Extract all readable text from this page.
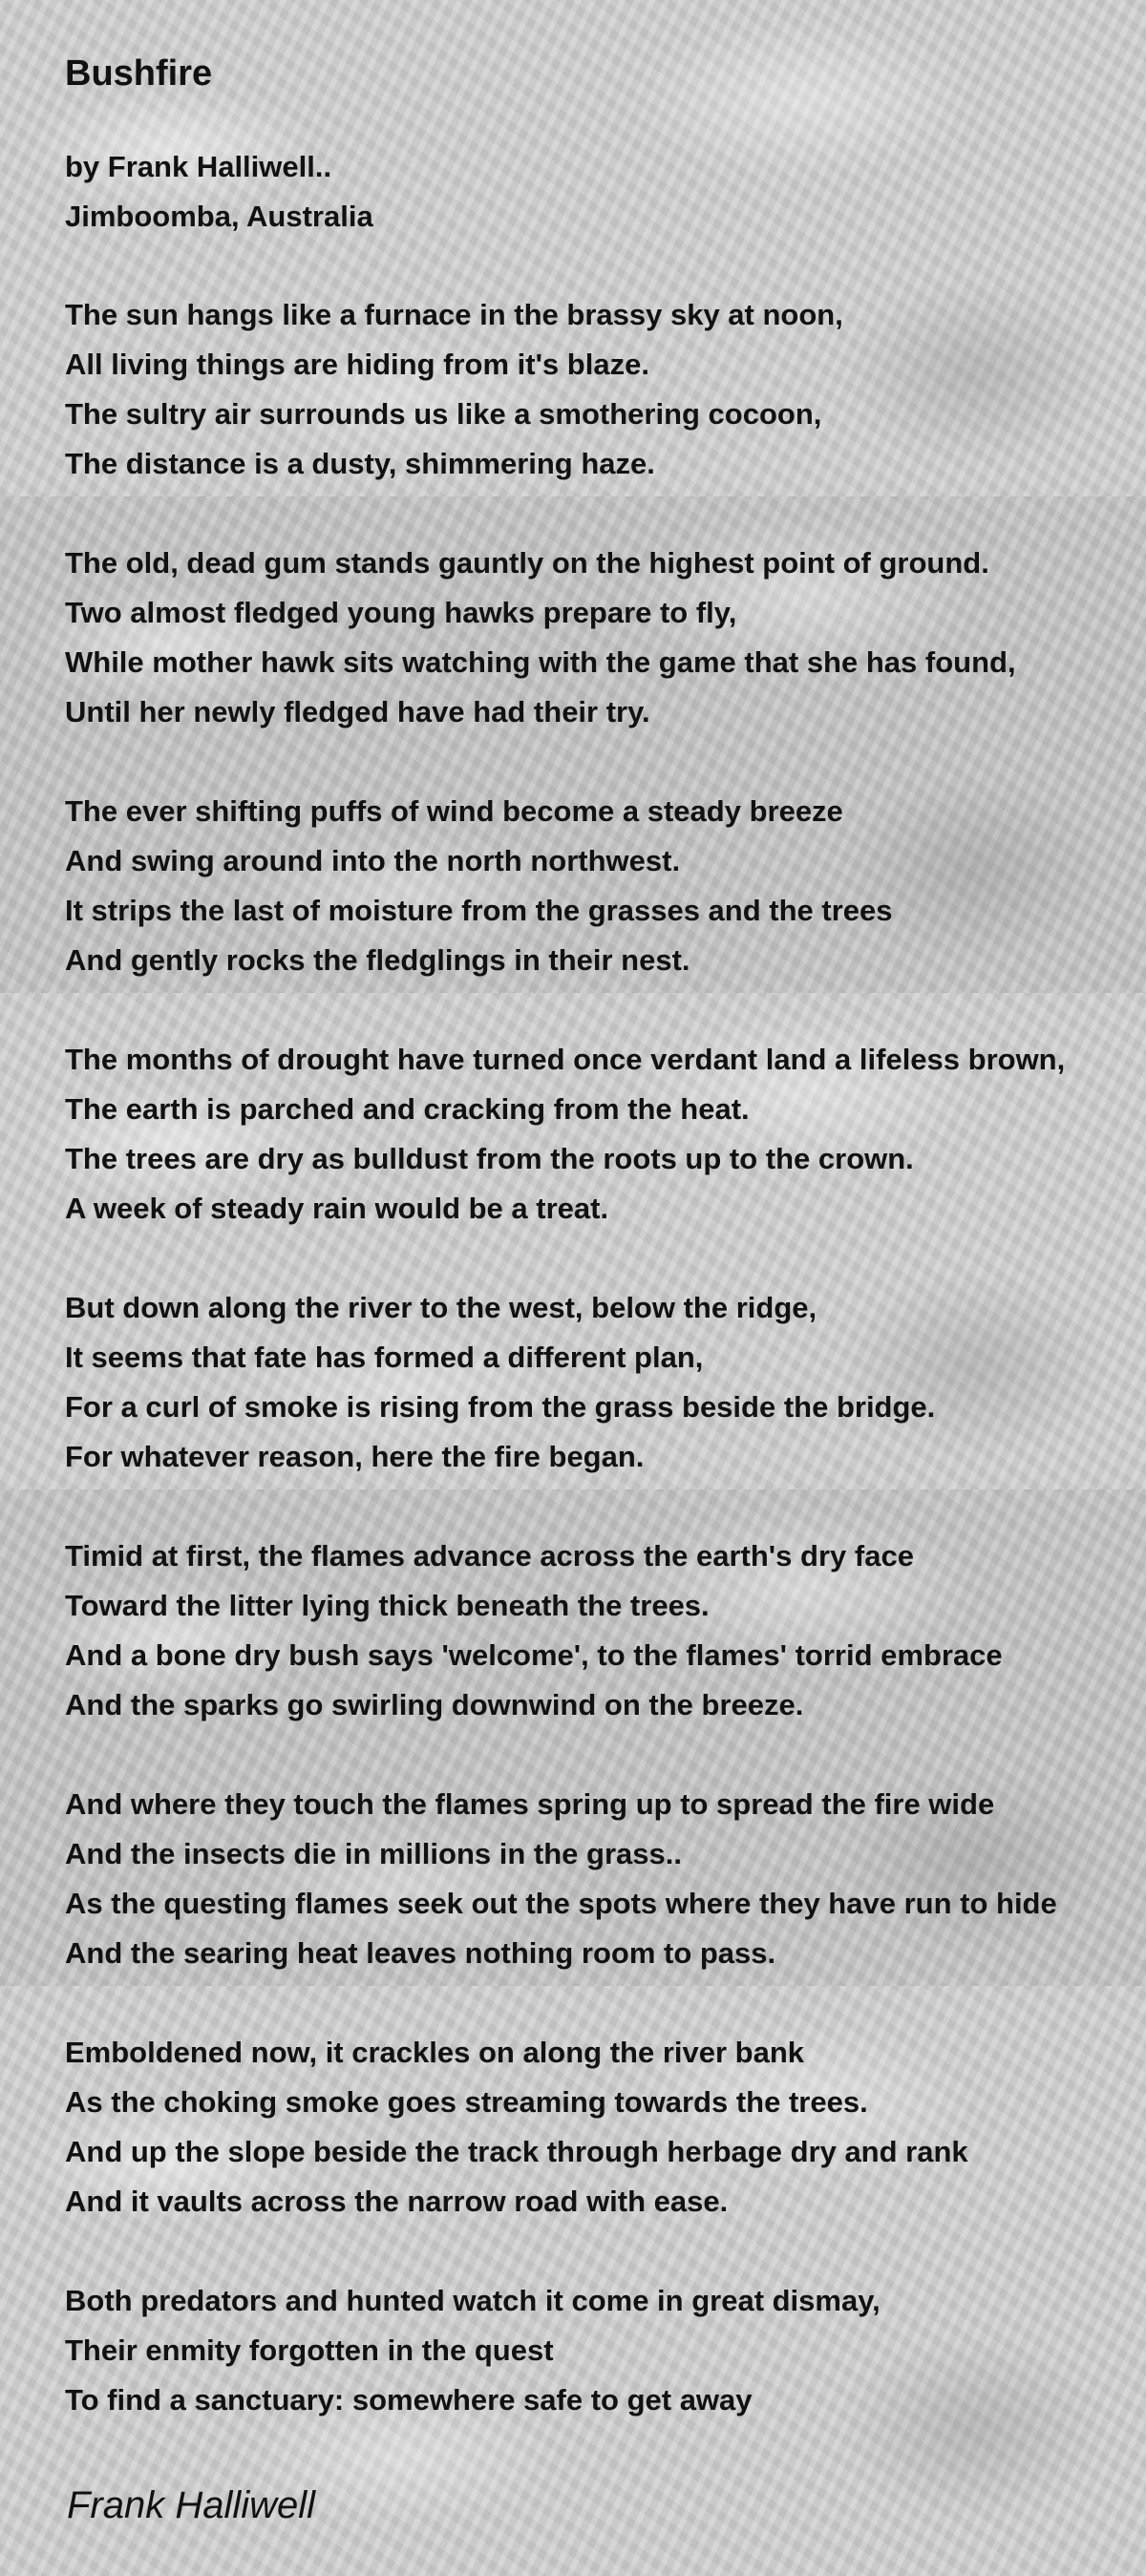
Bushfire

by Frank Halliwell..

Jimboomba, Australia

The sun hangs like a furnace in the brassy sky at noon,

All living things are hiding from it's blaze.

The sultry air surrounds us like a smothering cocoon,

The distance is a dusty, shimmering haze.

The old, dead gum stands gauntly on the highest point of ground.

Two almost fledged young hawks prepare to fly,

While mother hawk sits watching with the game that she has found,

Until her newly fledged have had their try.

The ever shifting puffs of wind become a steady breeze

And swing around into the north northwest.

It strips the last of moisture from the grasses and the trees

And gently rocks the fledglings in their nest.

The months of drought have turned once verdant land a lifeless brown,

The earth is parched and cracking from the heat.

The trees are dry as bulldust from the roots up to the crown.

A week of steady rain would be a treat.

But down along the river to the west, below the ridge,

It seems that fate has formed a different plan,

For a curl of smoke is rising from the grass beside the bridge.

For whatever reason, here the fire began.

Timid at first, the flames advance across the earth's dry face

Toward the litter lying thick beneath the trees.

And a bone dry bush says 'welcome', to the flames' torrid embrace

And the sparks go swirling downwind on the breeze.

And where they touch the flames spring up to spread the fire wide

And the insects die in millions in the grass..

As the questing flames seek out the spots where they have run to hide

And the searing heat leaves nothing room to pass.

Emboldened now, it crackles on along the river bank

As the choking smoke goes streaming towards the trees.

And up the slope beside the track through herbage dry and rank

And it vaults across the narrow road with ease.

Both predators and hunted watch it come in great dismay,

Their enmity forgotten in the quest

To find a sanctuary: somewhere safe to get away

Frank Halliwell
